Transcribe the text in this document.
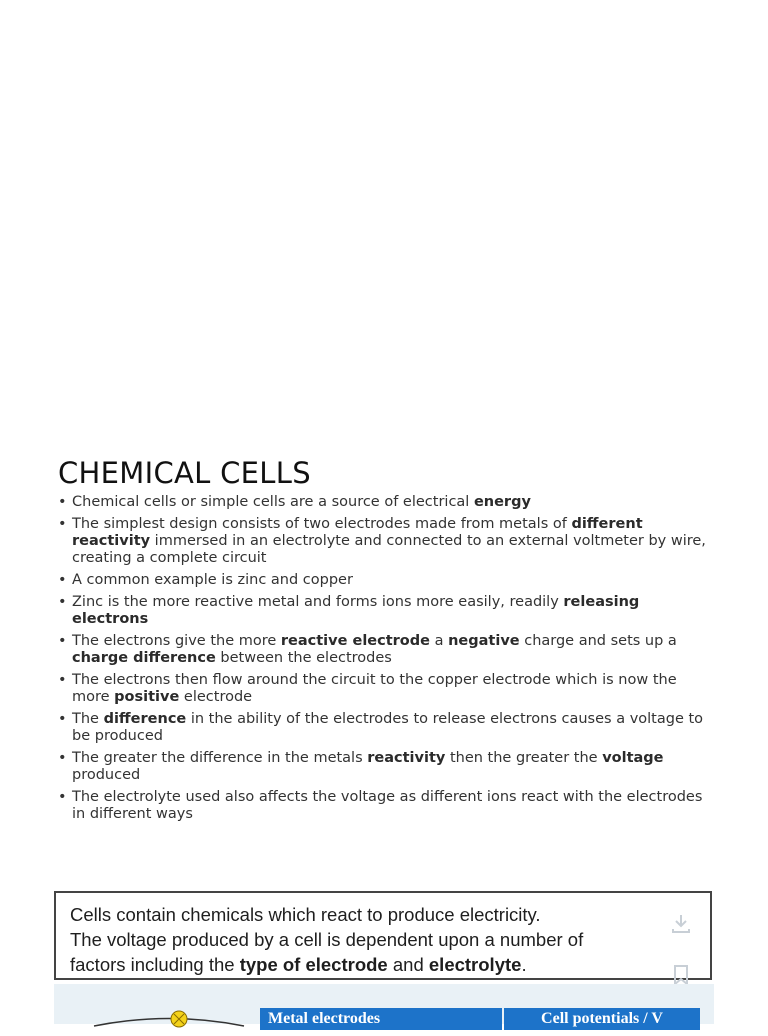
CHEMICAL CELLS
• Chemical cells or simple cells are a source of electrical energy
• The simplest design consists of two electrodes made from metals of different reactivity immersed in an electrolyte and connected to an external voltmeter by wire, creating a complete circuit
• A common example is zinc and copper
• Zinc is the more reactive metal and forms ions more easily, readily releasing electrons
• The electrons give the more reactive electrode a negative charge and sets up a charge difference between the electrodes
• The electrons then flow around the circuit to the copper electrode which is now the more positive electrode
• The difference in the ability of the electrodes to release electrons causes a voltage to be produced
• The greater the difference in the metals reactivity then the greater the voltage produced
• The electrolyte used also affects the voltage as different ions react with the electrodes in different ways
Cells contain chemicals which react to produce electricity.
The voltage produced by a cell is dependent upon a number of
factors including the type of electrode and electrolyte.
Metal electrodes	Cell potentials / V
